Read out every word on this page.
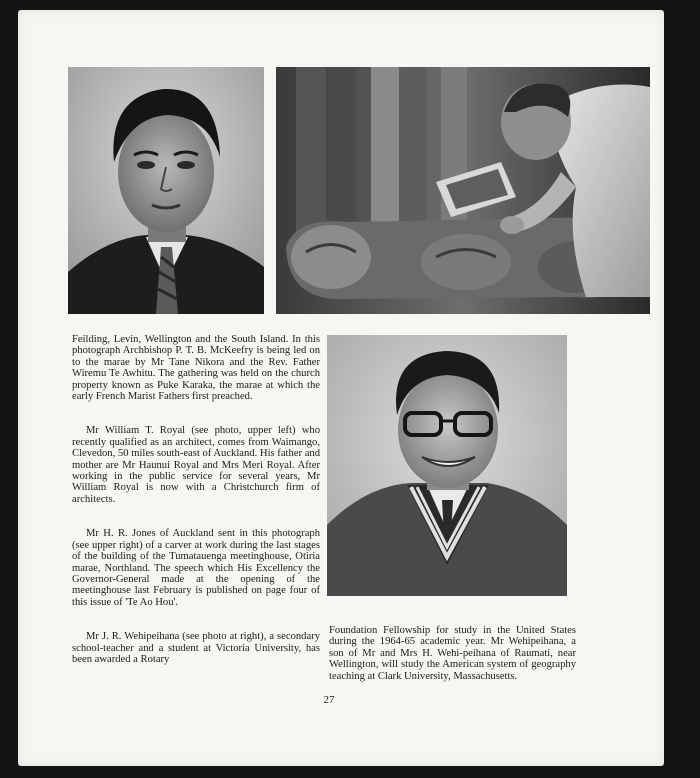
Feilding, Levin, Wellington and the South Island. In this photograph Archbishop P. T. B. McKeefry is being led on to the marae by Mr Tane Nikora and the Rev. Father Wiremu Te Awhitu. The gathering was held on the church property known as Puke Karaka, the marae at which the early French Marist Fathers first preached.

Mr William T. Royal (see photo, upper left) who recently qualified as an architect, comes from Waimango, Clevedon, 50 miles south-east of Auckland. His father and mother are Mr Haunui Royal and Mrs Meri Royal. After working in the public service for several years, Mr William Royal is now with a Christchurch firm of architects.

Mr H. R. Jones of Auckland sent in this photograph (see upper right) of a carver at work during the last stages of the building of the Tumatauenga meetinghouse, Otiria marae, Northland. The speech which His Excellency the Governor-General made at the opening of the meetinghouse last February is published on page four of this issue of 'Te Ao Hou'.

Mr J. R. Wehipeihana (see photo at right), a secondary school-teacher and a student at Victoria University, has been awarded a Rotary

Foundation Fellowship for study in the United States during the 1964-65 academic year. Mr Wehipeihana, a son of Mr and Mrs H. Wehi-peihana of Raumati, near Wellington, will study the American system of geography teaching at Clark University, Massachusetts.

27
